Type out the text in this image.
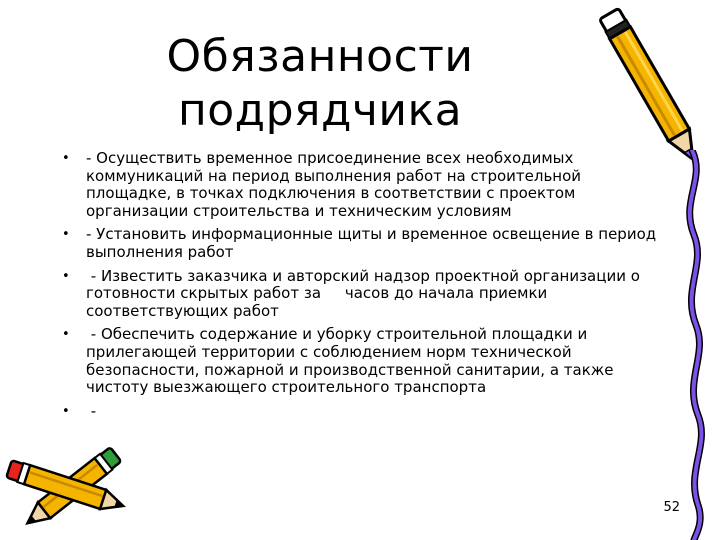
Обязанности
подрядчика
• - Осуществить временное присоединение всех необходимых коммуникаций на период выполнения работ на строительной площадке, в точках подключения в соответствии с проектом организации строительства и техническим условиям
• - Установить информационные щиты и временное освещение в период выполнения работ
• - Известить заказчика и авторский надзор проектной организации о готовности скрытых работ за     часов до начала приемки соответствующих работ
• - Обеспечить содержание и уборку строительной площадки и прилегающей территории с соблюдением норм технической безопасности, пожарной и производственной санитарии, а также чистоту выезжающего строительного транспорта
• -
52
